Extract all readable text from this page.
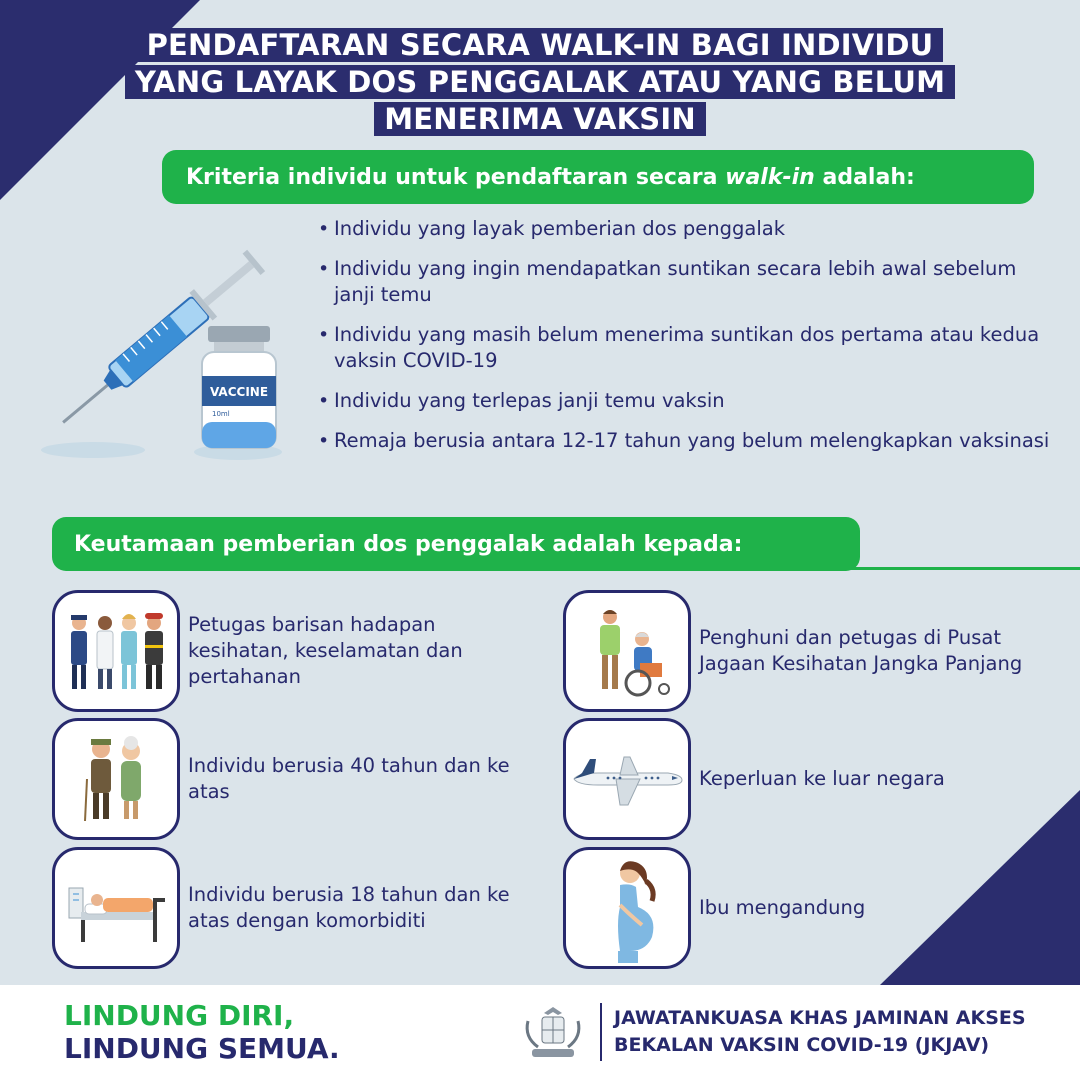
PENDAFTARAN SECARA WALK-IN BAGI INDIVIDU
YANG LAYAK DOS PENGGALAK ATAU YANG BELUM
MENERIMA VAKSIN
Kriteria individu untuk pendaftaran secara walk-in adalah:
VACCINE
10ml
• Individu yang layak pemberian dos penggalak
• Individu yang ingin mendapatkan suntikan secara lebih awal sebelum janji temu
• Individu yang masih belum menerima suntikan dos pertama atau kedua vaksin COVID-19
• Individu yang terlepas janji temu vaksin
• Remaja berusia antara 12-17 tahun yang belum melengkapkan vaksinasi
Keutamaan pemberian dos penggalak adalah kepada:
Petugas barisan hadapan kesihatan, keselamatan dan pertahanan
Penghuni dan petugas di Pusat Jagaan Kesihatan Jangka Panjang
Individu berusia 40 tahun dan ke atas
Keperluan ke luar negara
Individu berusia 18 tahun dan ke atas dengan komorbiditi
Ibu mengandung
LINDUNG DIRI,
LINDUNG SEMUA.
JAWATANKUASA KHAS JAMINAN AKSES
BEKALAN VAKSIN COVID-19 (JKJAV)
